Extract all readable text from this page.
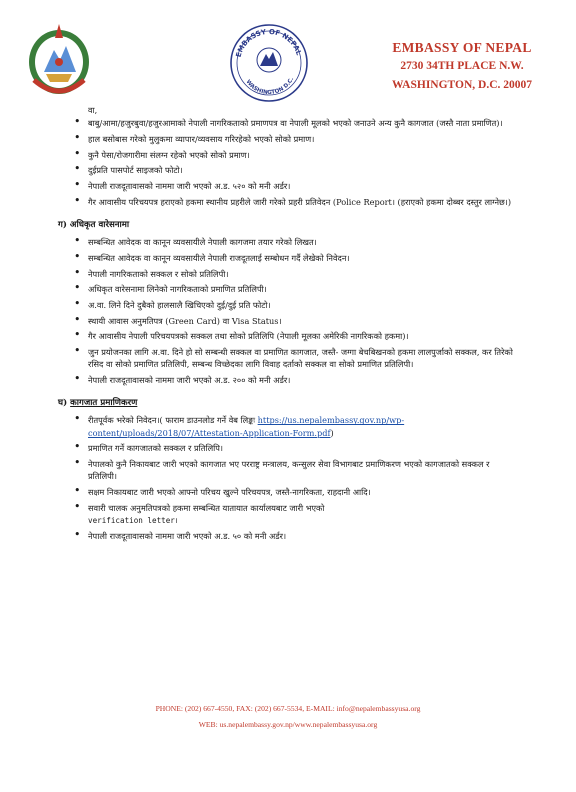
EMBASSY OF NEPAL
WASHINGTON D.C.
EMBASSY OF NEPAL
2730 34TH PLACE N.W.
WASHINGTON, D.C. 20007
वा,
• बाबु/आमा/हजुरबुवा/हजुरआमाको नेपाली नागरिकताको प्रमाणपत्र वा नेपाली मूलको भएको जनाउने अन्य कुनै कागजात (जस्तै नाता प्रमाणित)।
• हाल बसोबास गरेको मुलुकमा व्यापार/व्यवसाय गरिरहेको भएको सोको प्रमाण।
• कुनै पेसा/रोजगारीमा संलग्न रहेको भएको सोको प्रमाण।
• दुईप्रति पासपोर्ट साइजको फोटो।
• नेपाली राजदूतावासको नाममा जारी भएको अ.ड. ५२० को मनी अर्डर।
• गैर आवासीय परिचयपत्र हराएको हकमा स्थानीय प्रहरीले जारी गरेको प्रहरी प्रतिवेदन (Police Report। (हराएको हकमा दोब्बर दस्तुर लाग्नेछ।)
ग) अधिकृत वारेसनामा
• सम्बन्धित आवेदक वा कानून व्यवसायीले नेपाली कागजमा तयार गरेको लिखत।
• सम्बन्धित आवेदक वा कानून व्यवसायीले नेपाली राजदूतलाई सम्बोधन गर्दै लेखेको निवेदन।
• नेपाली नागरिकताको सक्कल र सोको प्रतिलिपी।
• अधिकृत वारेसनामा लिनेको नागरिकताको प्रमाणित प्रतिलिपी।
• अ.वा. लिने दिने दुबैको हालसालै खिचिएको दुई/दुई प्रति फोटो।
• स्थायी आवास अनुमतिपत्र (Green Card) वा Visa Status।
• गैर आवासीय नेपाली परिचयपत्रको सक्कल तथा सोको प्रतिलिपि (नेपाली मूलका अमेरिकी नागरिकको हकमा)।
• जुन प्रयोजनका लागि अ.वा. दिने हो सो सम्बन्धी सक्कल वा प्रमाणित कागजात, जस्तै- जग्गा बेचबिखनको हकमा लालपुर्जाको सक्कल, कर तिरेको रसिद वा सोको प्रमाणित प्रतिलिपी, सम्बन्ध विच्छेदका लागि विवाह दर्ताको सक्कल वा सोको प्रमाणित प्रतिलिपी।
• नेपाली राजदूतावासको नाममा जारी भएको अ.ड. २०० को मनी अर्डर।
घ) कागजात प्रमाणिकरण
• रीतपूर्वक भरेको निवेदन।( फाराम डाउनलोड गर्ने वेब लिङ्कः https://us.nepalembassy.gov.np/wp-content/uploads/2018/07/Attestation-Application-Form.pdf)
• प्रमाणित गर्ने कागजातको सक्कल र प्रतिलिपि।
• नेपालको कुनै निकायबाट जारी भएको कागजात भए परराष्ट्र मन्त्रालय, कन्सुलर सेवा विभागबाट प्रमाणिकरण भएको कागजातको सक्कल र प्रतिलिपी।
• सक्षम निकायबाट जारी भएको आफ्नो परिचय खुल्ने परिचयपत्र, जस्तै-नागरिकता, राहदानी आदि।
• सवारी चालक अनुमतिपत्रको हकमा सम्बन्धित यातायात कार्यालयबाट जारी भएको
verification letter।
• नेपाली राजदूतावासको नाममा जारी भएको अ.ड. ५० को मनी अर्डर।
PHONE: (202) 667-4550, FAX: (202) 667-5534, E-MAIL: info@nepalembassyusa.org
WEB: us.nepalembassy.gov.np/www.nepalembassyusa.org
